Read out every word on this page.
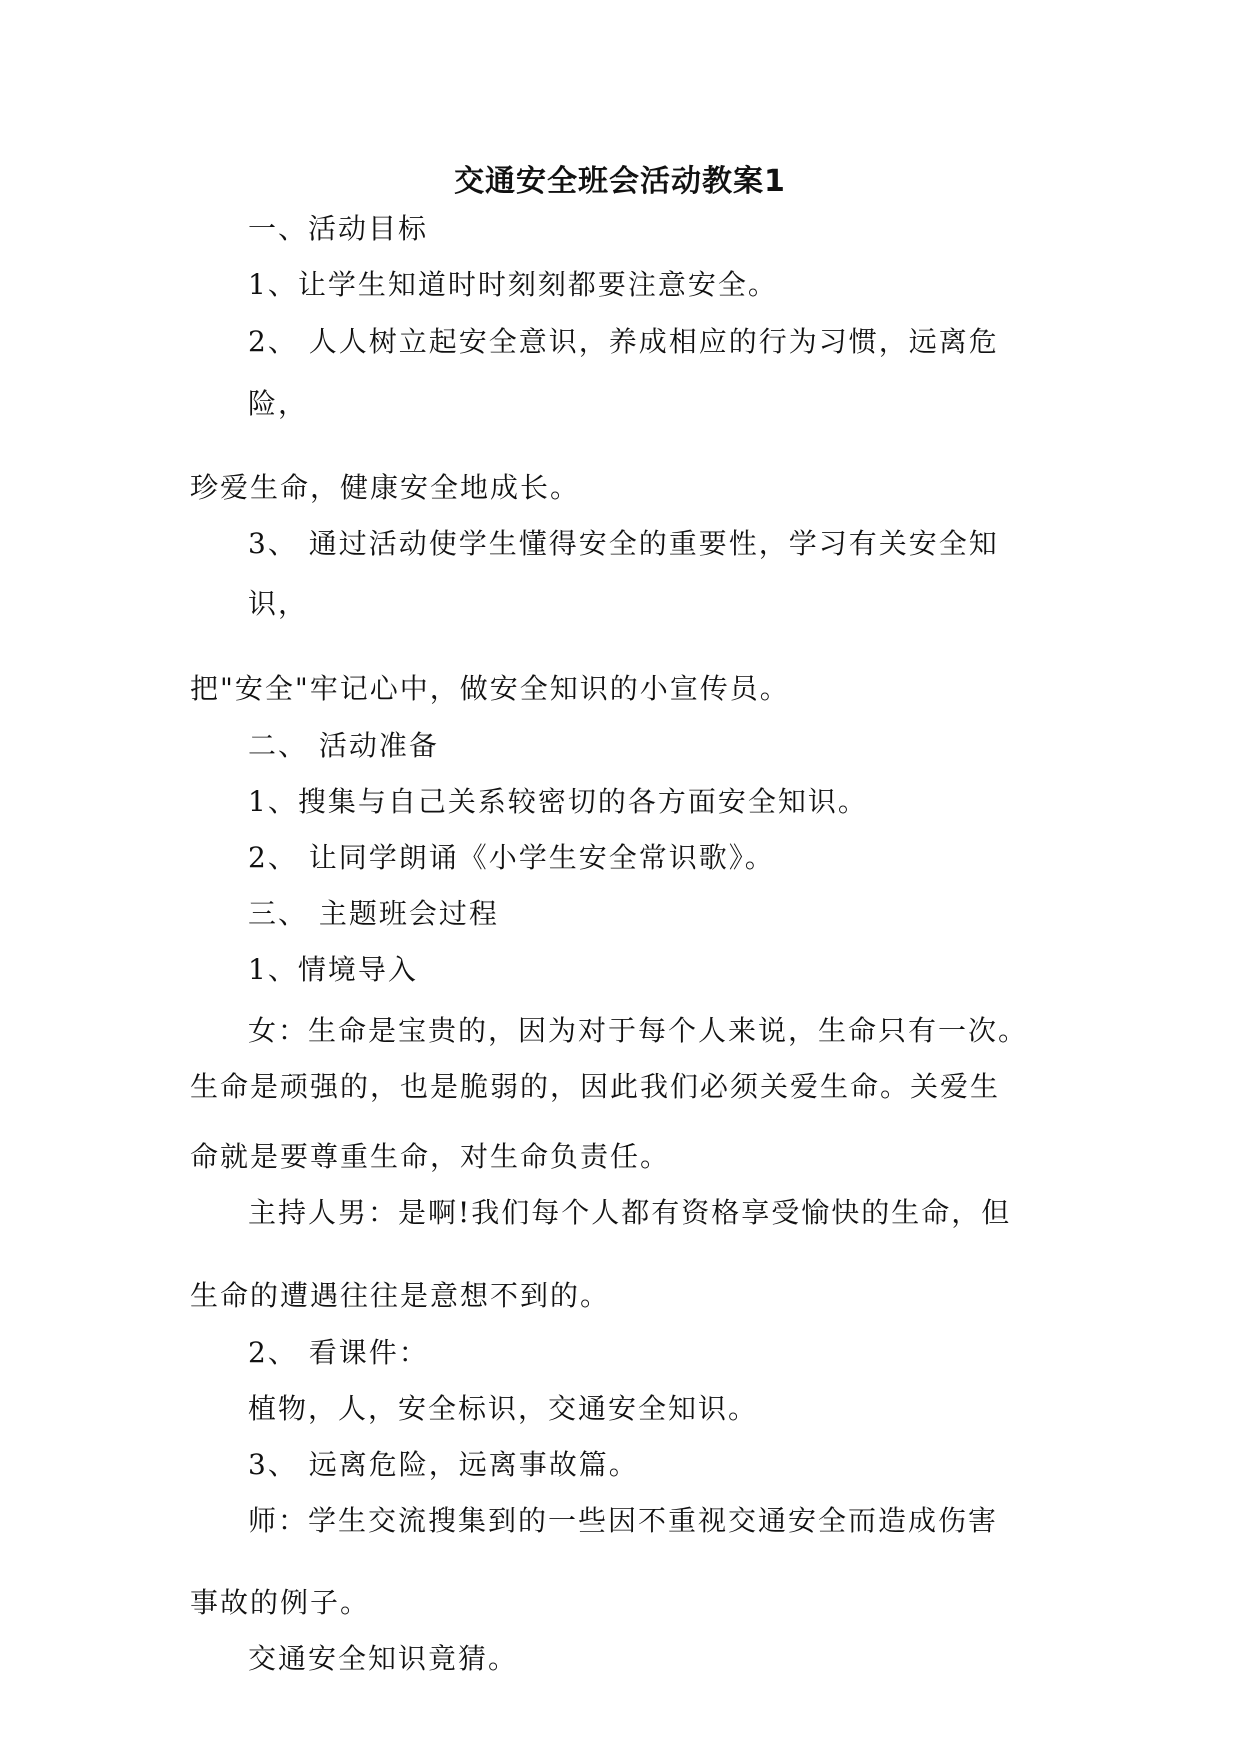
交通安全班会活动教案1
一、活动目标
1、让学生知道时时刻刻都要注意安全。
2、 人人树立起安全意识，养成相应的行为习惯，远离危
险，
珍爱生命，健康安全地成长。
3、 通过活动使学生懂得安全的重要性，学习有关安全知
识，
把"安全"牢记心中，做安全知识的小宣传员。
二、 活动准备
1、搜集与自己关系较密切的各方面安全知识。
2、 让同学朗诵《小学生安全常识歌》。
三、 主题班会过程
1、情境导入
女：生命是宝贵的，因为对于每个人来说，生命只有一次。
生命是顽强的，也是脆弱的，因此我们必须关爱生命。关爱生
命就是要尊重生命，对生命负责任。
主持人男：是啊!我们每个人都有资格享受愉快的生命，但
生命的遭遇往往是意想不到的。
2、 看课件：
植物，人，安全标识，交通安全知识。
3、 远离危险，远离事故篇。
师：学生交流搜集到的一些因不重视交通安全而造成伤害
事故的例子。
交通安全知识竟猜。
